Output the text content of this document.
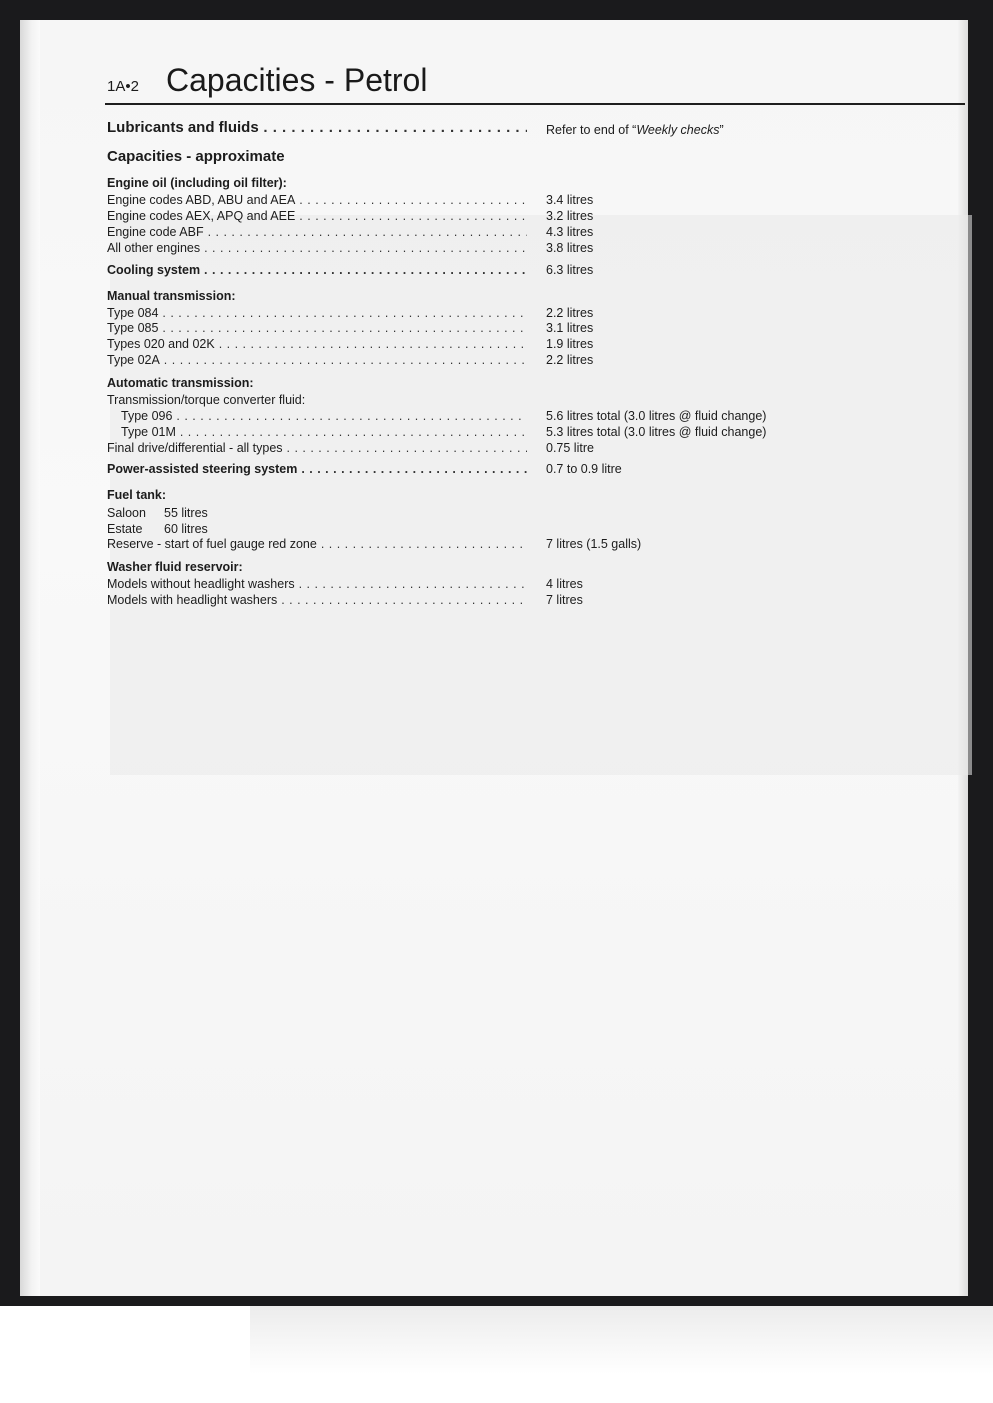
1A•2 Capacities - Petrol
Lubricants and fluids . . .	Refer to end of “Weekly checks”
Capacities - approximate
Engine oil (including oil filter):
Engine codes ABD, ABU and AEA . . .	3.4 litres
Engine codes AEX, APQ and AEE . . .	3.2 litres
Engine code ABF . . .	4.3 litres
All other engines . . .	3.8 litres
Cooling system . . .	6.3 litres
Manual transmission:
Type 084 . . .	2.2 litres
Type 085 . . .	3.1 litres
Types 020 and 02K . . .	1.9 litres
Type 02A . . .	2.2 litres
Automatic transmission:
Transmission/torque converter fluid:
Type 096 . . .	5.6 litres total (3.0 litres @ fluid change)
Type 01M . . .	5.3 litres total (3.0 litres @ fluid change)
Final drive/differential - all types . . .	0.75 litre
Power-assisted steering system . . .	0.7 to 0.9 litre
Fuel tank:
Saloon 55 litres
Estate 60 litres
Reserve - start of fuel gauge red zone . . .	7 litres (1.5 galls)
Washer fluid reservoir:
Models without headlight washers . . .	4 litres
Models with headlight washers . . .	7 litres
